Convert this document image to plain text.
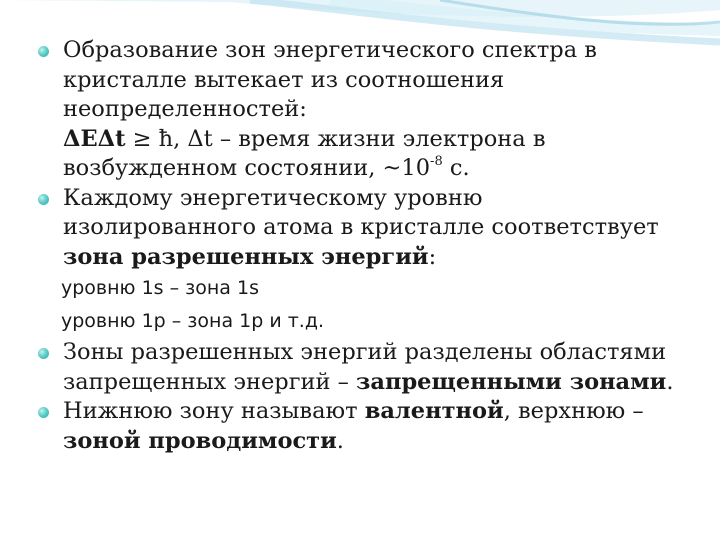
Образование зон энергетического спектра в
кристалле вытекает из соотношения
неопределенностей:
ΔEΔt ≥ ħ, Δt – время жизни электрона в
возбужденном состоянии, $\sim 10^{-8}$ с.
Каждому энергетическому уровню
изолированного атома в кристалле соответствует
зона разрешенных энергий:
уровню 1s – зона 1s
уровню 1p – зона 1p и т.д.
Зоны разрешенных энергий разделены областями
запрещенных энергий – запрещенными зонами.
Нижнюю зону называют валентной, верхнюю –
зоной проводимости.
